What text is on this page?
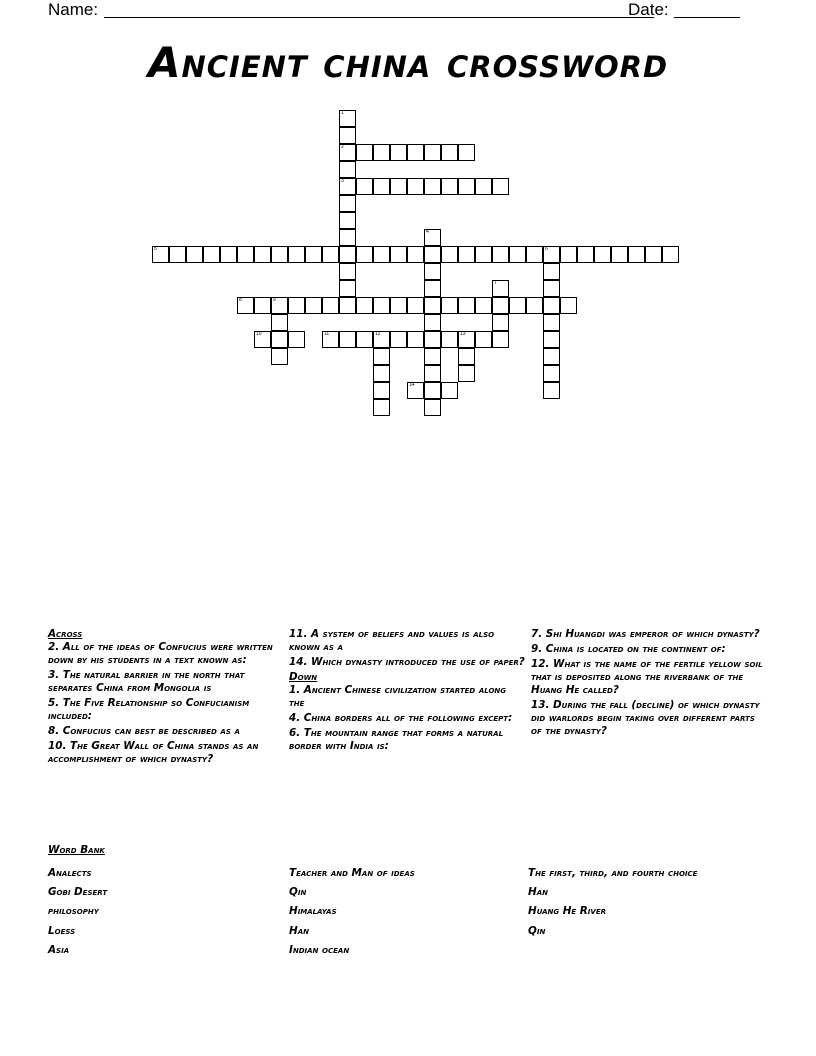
Name:	Date:
Ancient china crossword
1
2
3
4
5	6
7
8	9
10	11	12	13
14
Across
2. All of the ideas of Confucius were written down by his students in a text known as:
3. The natural barrier in the north that separates China from Mongolia is
5. The Five Relationship so Confucianism included:
8. Confucius can best be described as a
10. The Great Wall of China stands as an accomplishment of which dynasty?
11. A system of beliefs and values is also known as a
14. Which dynasty introduced the use of paper?
Down
1. Ancient Chinese civilization started along the
4. China borders all of the following except:
6. The mountain range that forms a natural border with India is:
7. Shi Huangdi was emperor of which dynasty?
9. China is located on the continent of:
12. What is the name of the fertile yellow soil that is deposited along the riverbank of the Huang He called?
13. During the fall (decline) of which dynasty did warlords begin taking over different parts of the dynasty?
Word Bank
Analects
Gobi Desert
philosophy
Loess
Asia
Teacher and Man of ideas
Qin
Himalayas
Han
Indian ocean
The first, third, and fourth choice
Han
Huang He River
Qin
